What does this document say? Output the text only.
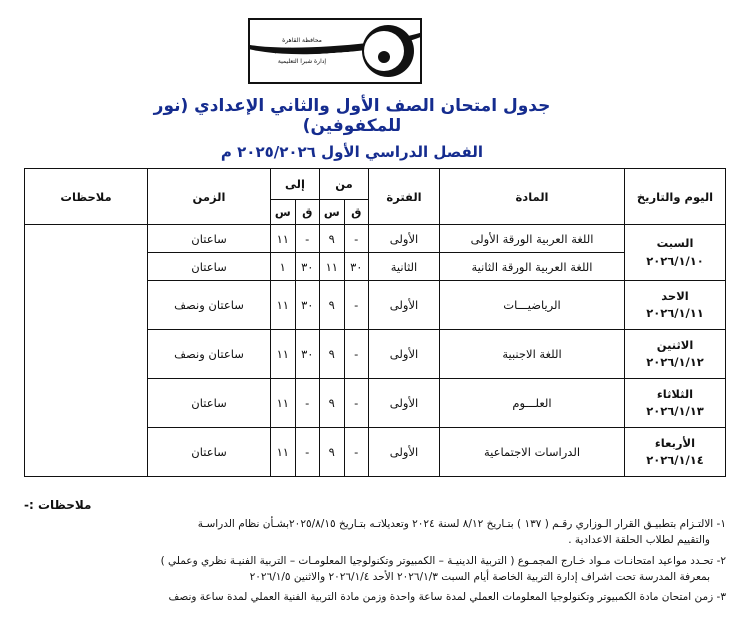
محافظة القاهرة
مديرية التربية والتعليم
إدارة شبرا التعليمية
جدول امتحان الصف الأول والثاني الإعدادي (نور للمكفوفين)
الفصل الدراسي الأول ٢٠٢٥/٢٠٢٦ م
اليوم والتاريخ	المادة	الفترة	من		إلى		الزمن	ملاحظات
			ق	س	ق	س		

السبت
٢٠٢٦/١/١٠	اللغة العربية الورقة الأولى	الأولى	-	٩	-	١١	ساعتان	
	اللغة العربية الورقة الثانية	الثانية	٣٠	١١	٣٠	١	ساعتان	

الاحد
٢٠٢٦/١/١١	الرياضيـــات	الأولى	-	٩	٣٠	١١	ساعتان ونصف	

الاثنين
٢٠٢٦/١/١٢	اللغة الاجنبية	الأولى	-	٩	٣٠	١١	ساعتان ونصف	

الثلاثاء
٢٠٢٦/١/١٣	العلـــوم	الأولى	-	٩	-	١١	ساعتان	

الأربعاء
٢٠٢٦/١/١٤	الدراسات الاجتماعية	الأولى	-	٩	-	١١	ساعتان	
ملاحظات :-
١- الالتـزام بتطبيـق القرار الـوزاري رقـم ( ١٣٧ ) بتـاريخ ٨/١٢ لسنة ٢٠٢٤ وتعديلاتـه بتـاريخ ٢٠٢٥/٨/١٥بشـأن نظام الدراسـة
والتقييم لطلاب الحلقة الاعدادية .
٢- تحـدد مواعيد امتحانـات مـواد خـارج المجمـوع ( التربية الدينيـة – الكمبيوتر وتكنولوجيا المعلومـات – التربية الفنيـة نظري وعملي )
بمعرفة المدرسة تحت اشراف إدارة التربية الخاصة أيام السبت ٢٠٢٦/١/٣ الأحد ٢٠٢٦/١/٤ والاثنين ٢٠٢٦/١/٥
٣- زمن امتحان مادة الكمبيوتر وتكنولوجيا المعلومات العملي لمدة ساعة واحدة وزمن مادة التربية الفنية العملي لمدة ساعة ونصف
